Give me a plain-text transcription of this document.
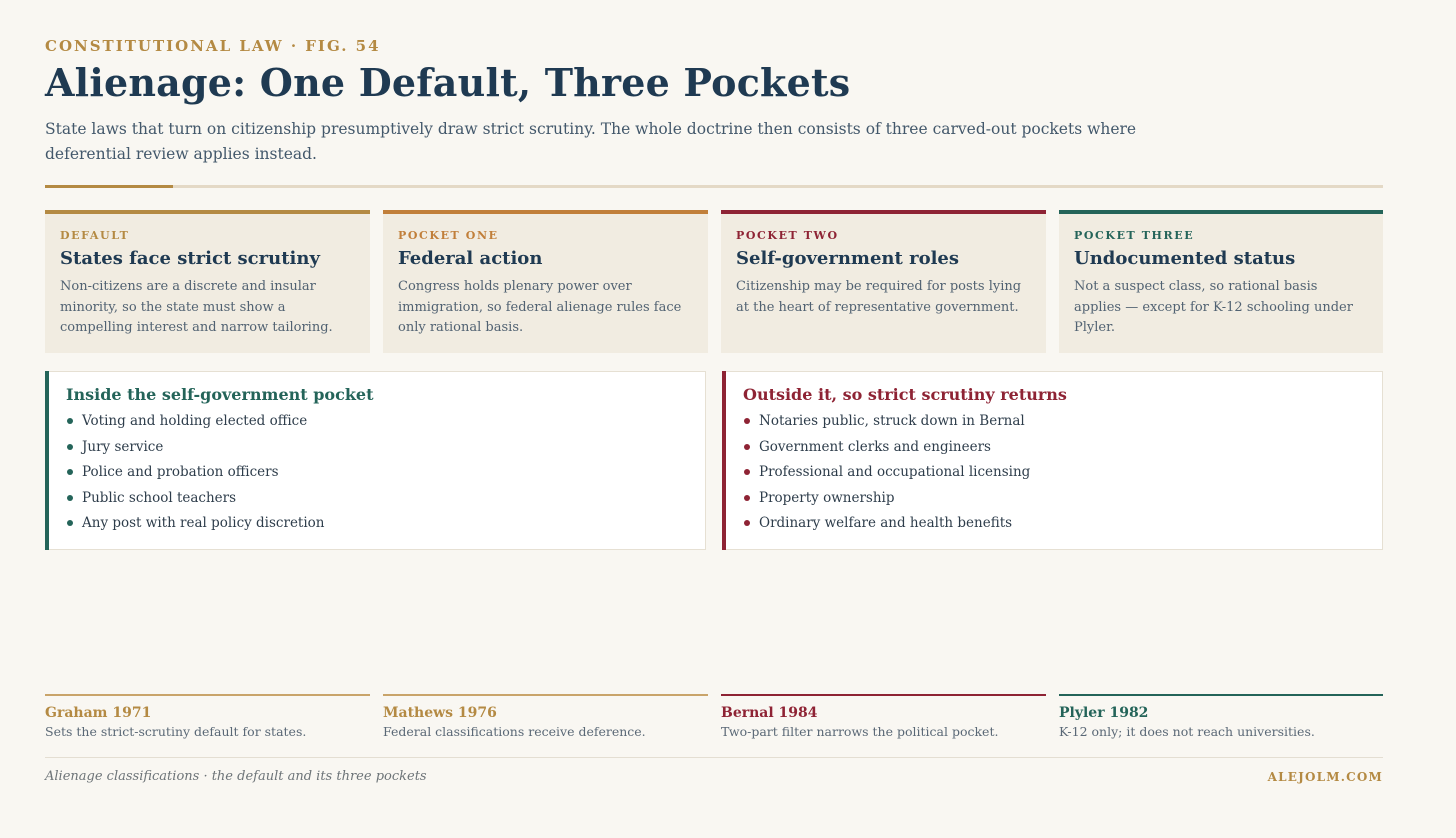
CONSTITUTIONAL LAW · FIG. 54
Alienage: One Default, Three Pockets
State laws that turn on citizenship presumptively draw strict scrutiny. The whole doctrine then consists of three carved-out pockets where deferential review applies instead.
DEFAULT
States face strict scrutiny
Non-citizens are a discrete and insular minority, so the state must show a compelling interest and narrow tailoring.
POCKET ONE
Federal action
Congress holds plenary power over immigration, so federal alienage rules face only rational basis.
POCKET TWO
Self-government roles
Citizenship may be required for posts lying at the heart of representative government.
POCKET THREE
Undocumented status
Not a suspect class, so rational basis applies — except for K-12 schooling under Plyler.
Inside the self-government pocket
Voting and holding elected office
Jury service
Police and probation officers
Public school teachers
Any post with real policy discretion
Outside it, so strict scrutiny returns
Notaries public, struck down in Bernal
Government clerks and engineers
Professional and occupational licensing
Property ownership
Ordinary welfare and health benefits
Graham 1971
Sets the strict-scrutiny default for states.
Mathews 1976
Federal classifications receive deference.
Bernal 1984
Two-part filter narrows the political pocket.
Plyler 1982
K-12 only; it does not reach universities.
Alienage classifications · the default and its three pockets	ALEJOLM.COM
